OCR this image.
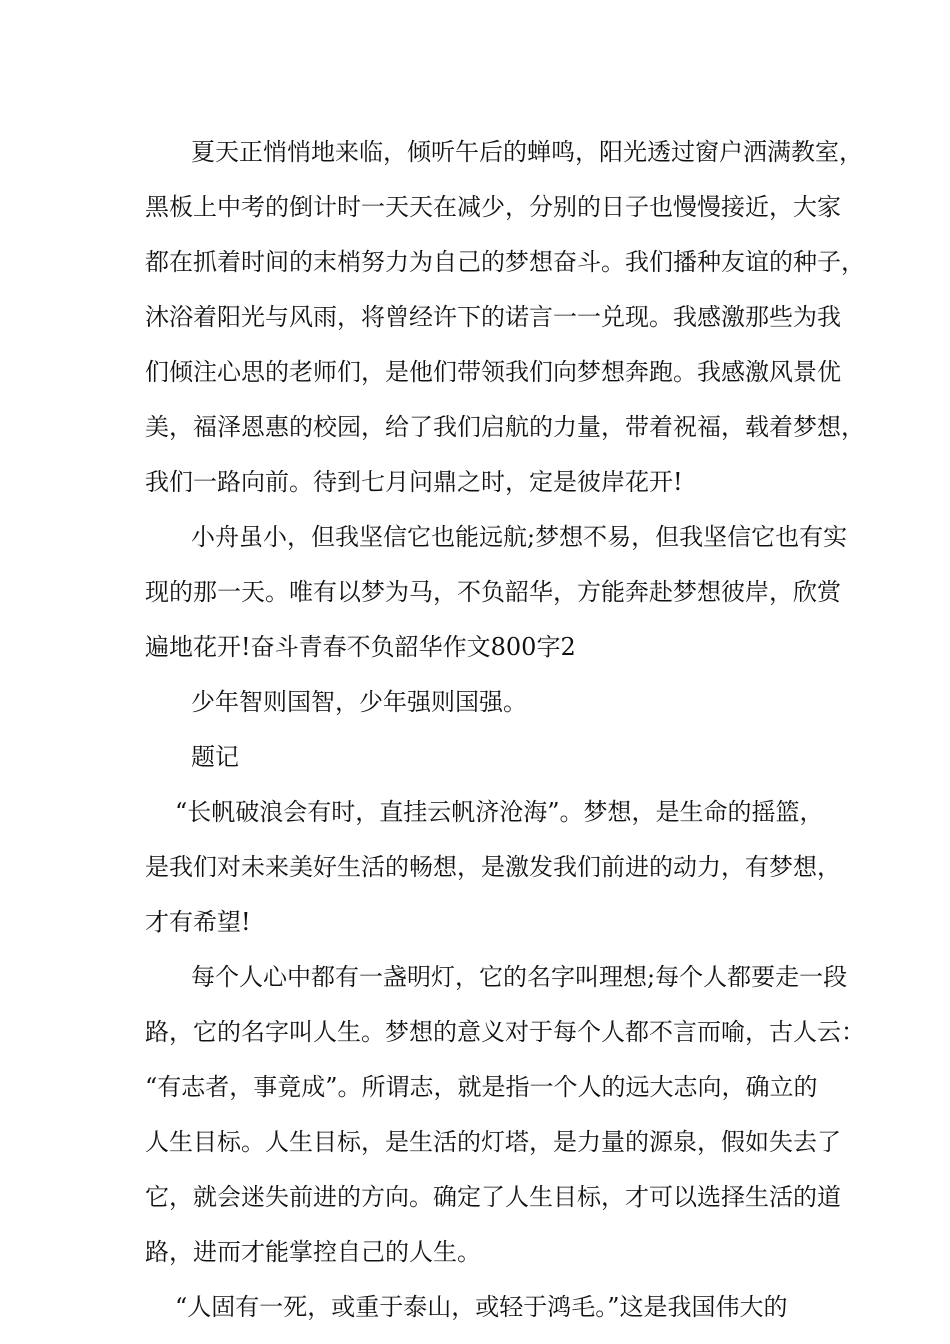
夏天正悄悄地来临，倾听午后的蝉鸣，阳光透过窗户洒满教室，
黑板上中考的倒计时一天天在减少，分别的日子也慢慢接近，大家
都在抓着时间的末梢努力为自己的梦想奋斗。我们播种友谊的种子，
沐浴着阳光与风雨，将曾经许下的诺言一一兑现。我感激那些为我
们倾注心思的老师们，是他们带领我们向梦想奔跑。我感激风景优
美，福泽恩惠的校园，给了我们启航的力量，带着祝福，载着梦想，
我们一路向前。待到七月问鼎之时，定是彼岸花开!
小舟虽小，但我坚信它也能远航;梦想不易，但我坚信它也有实
现的那一天。唯有以梦为马，不负韶华，方能奔赴梦想彼岸，欣赏
遍地花开!奋斗青春不负韶华作文800字2
少年智则国智，少年强则国强。
题记
“长帆破浪会有时，直挂云帆济沧海”。梦想，是生命的摇篮，
是我们对未来美好生活的畅想，是激发我们前进的动力，有梦想，
才有希望!
每个人心中都有一盏明灯，它的名字叫理想;每个人都要走一段
路，它的名字叫人生。梦想的意义对于每个人都不言而喻，古人云：
“有志者，事竟成”。所谓志，就是指一个人的远大志向，确立的
人生目标。人生目标，是生活的灯塔，是力量的源泉，假如失去了
它，就会迷失前进的方向。确定了人生目标，才可以选择生活的道
路，进而才能掌控自己的人生。
“人固有一死，或重于泰山，或轻于鸿毛。”这是我国伟大的
